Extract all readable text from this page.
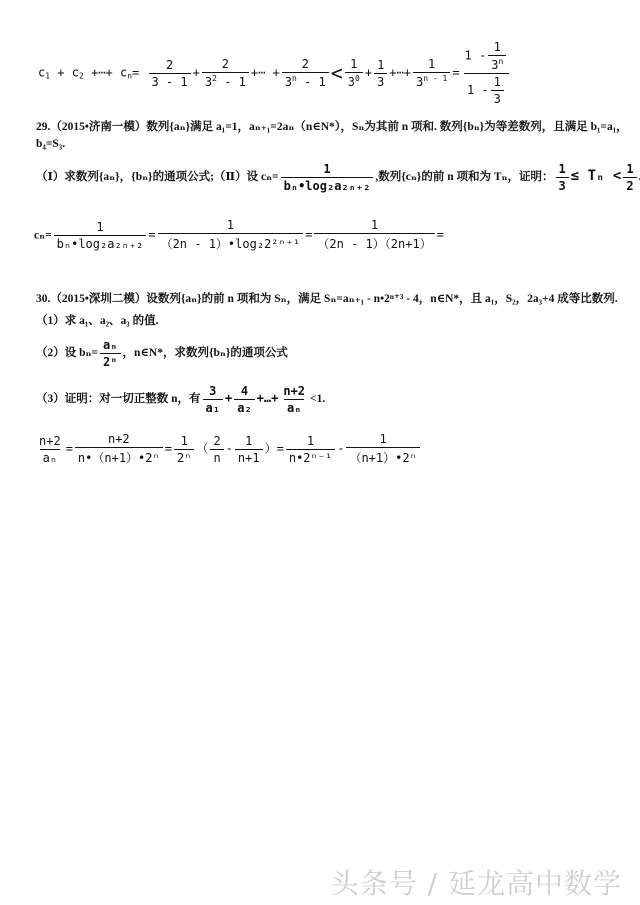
$c_1 + c_2$ +⋯+ $c_n= \frac{2}{3 - 1} + \frac{2}{3^2 - 1}$ +⋯ + $\frac{2}{3^n - 1} < \frac{1}{3^0} + \frac{1}{3}$ +⋯+ $\frac{1}{3^{n - 1}} = \frac{1 - \frac{1}{3^n}}{1 - \frac{1}{3}}$
29.（2015•济南一模）数列{aₙ}满足 a₁=1，aₙ₊₁=2aₙ（n∈N*），Sₙ为其前 n 项和. 数列{bₙ}为等差数列，且满足 b₁=a₁，
b₄=S₃.
（Ⅰ）求数列{aₙ}，{bₙ}的通项公式;（Ⅱ）设 $c_n= \frac{1}{\text{bₙ•log₂a₂ₙ₊₂}}$ ,数列{cₙ}的前 n 项和为 Tₙ，证明： $\frac{1}{3} \le T_n < \frac{1}{2}$
$c_n= \frac{1}{\text{bₙ•log₂a₂ₙ₊₂}} = \frac{1}{\text{（2n - 1）•log₂2²ⁿ⁺¹}} = \frac{1}{(2n - 1)(2n+1)}$ =
30.（2015•深圳二模）设数列{aₙ}的前 n 项和为 Sₙ，满足 Sₙ=aₙ₊₁ - n•2ⁿ⁺³ - 4，n∈N*，且 a₁，S₂，2a₃+4 成等比数列.
（1）求 a₁、a₂、a₃ 的值.
（2）设 $b_n= \frac{\text{aₙ}}{\text{2ⁿ}}$ ，n∈N*，求数列{bₙ}的通项公式
（3）证明：对一切正整数 n，有 $\frac{3}{\text{a₁}} + \frac{4}{\text{a₂}}$ +…+ $\frac{n+2}{\text{aₙ}} <1$.
$\frac{n+2}{\text{aₙ}} = \frac{n+2}{\text{n•（n+1）•2ⁿ}} = \frac{1}{\text{2ⁿ}}$ （ $\frac{2}{n} - \frac{1}{n+1}$ ）= $\frac{1}{\text{n•2ⁿ⁻¹}} - \frac{1}{\text{（n+1）•2ⁿ}}$
头条号 / 延龙高中数学
